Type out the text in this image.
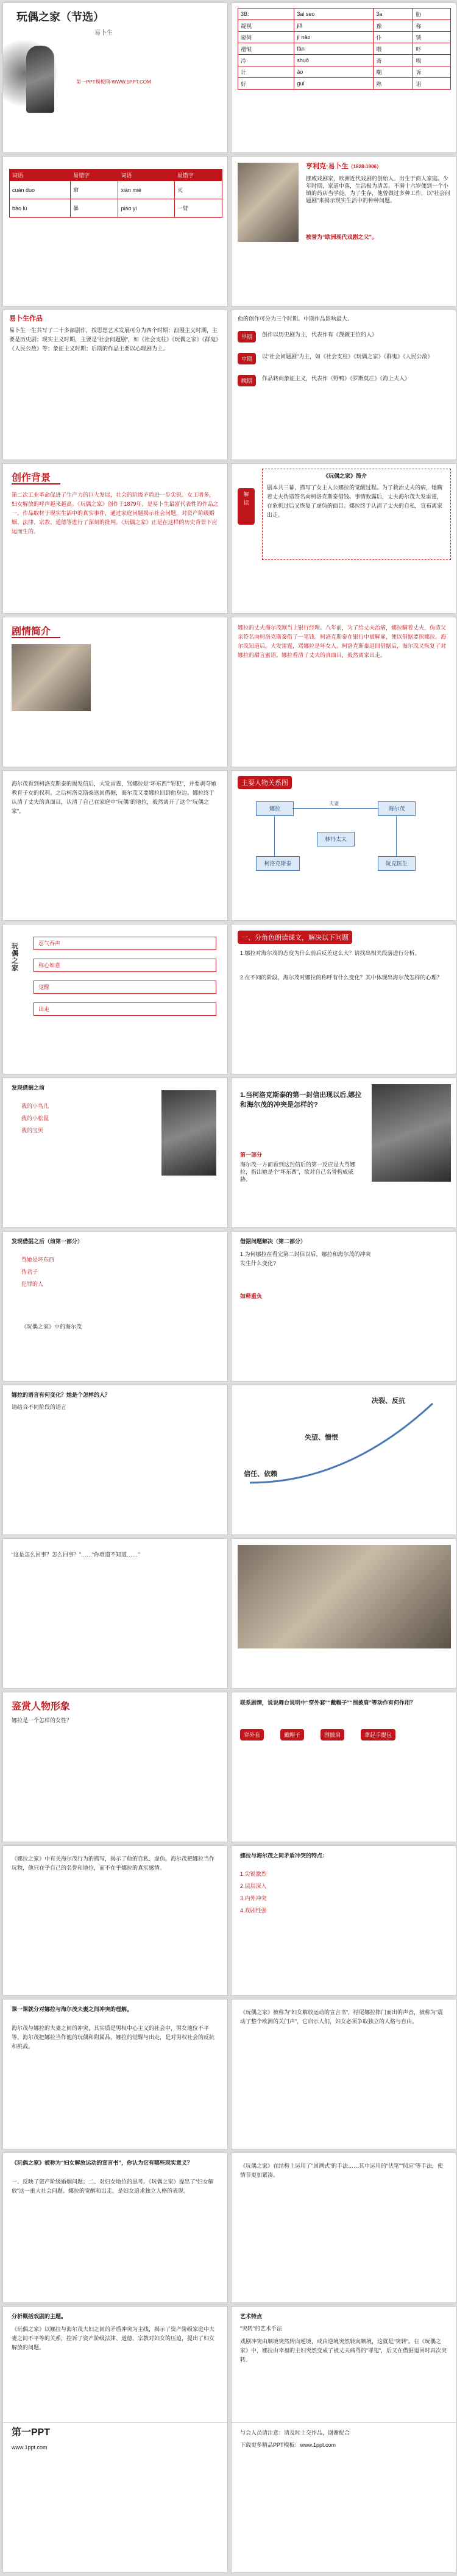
玩偶之家（节选）
易卜生
第一PPT模板网-WWW.1PPT.COM
3B:	3ai seo	3a	胁
凝视	jiā	豫	称
窥伺	jī nǎo	仆	锁
褶皱	fàn	喂	吓
冷	shuǒ	斋	嗅
计	ǎo	嘲	诉
好	guǐ	熟	诅
词语	易错字	词语	易错字
cuān duo	窜	xiàn miè	灭
bào lù	暴	piáo yì	一臂
亨利克·易卜生（1828-1906）
挪威戏剧家，欧洲近代戏剧的创始人。出生于商人家庭。少年时期，家道中落，生活极为清苦。不满十六岁便到一个小镇的药店当学徒。为了生存，他曾做过多种工作，以“社会问题剧”来揭示现实生活中的种种问题。
被誉为“欧洲现代戏剧之父”。
易卜生作品
易卜生一生共写了二十多部剧作，按思想艺术发展可分为四个时期：浪漫主义时期，主要是历史剧；现实主义时期，主要是“社会问题剧”，如《社会支柱》《玩偶之家》《群鬼》《人民公敌》等；象征主义时期；后期的作品主要以心理剧为主。
他的创作可分为三个时期。中期作品影响最大。
早期	创作以历史剧为主，代表作有《觊觎王位的人》
中期	以“社会问题剧”为主，如《社会支柱》《玩偶之家》《群鬼》《人民公敌》
晚期	作品转向象征主义，代表作《野鸭》《罗斯莫庄》《海上夫人》
创作背景
第二次工业革命促进了生产力的巨大发展，社会的阶级矛盾进一步尖锐。女工增多，妇女解放的呼声越来越高。《玩偶之家》创作于1879年，是易卜生最富代表性的作品之一。作品取材于现实生活中的真实事件，通过家庭问题揭示社会问题，对资产阶级婚姻、法律、宗教、道德等进行了深刻的批判。《玩偶之家》正是在这样的历史背景下应运而生的。
解读
《玩偶之家》简介
剧本共三幕，描写了女主人公娜拉的觉醒过程。为了救治丈夫的病，她瞒着丈夫伪造签名向柯洛克斯泰借钱。事情败露后，丈夫海尔茂大发雷霆，在危机过后又恢复了虚伪的面目。娜拉终于认清了丈夫的自私，宣布离家出走。
剧情简介	娜拉的丈夫海尔茂刚当上银行经理。八年前，为了给丈夫治病，娜拉瞒着丈夫，伪造父亲签名向柯洛克斯泰借了一笔钱。柯洛克斯泰在银行中被解雇，便以借据要挟娜拉。海尔茂知道后，大发雷霆，骂娜拉是坏女人。柯洛克斯泰退回借据后，海尔茂又恢复了对娜拉的甜言蜜语。娜拉看清了丈夫的真面目，毅然离家出走。
海尔茂看到柯洛克斯泰的揭发信后，大发雷霆，骂娜拉是“坏东西”“罪犯”，并要剥夺她教育子女的权利。之后柯洛克斯泰送回借据，海尔茂又要娜拉回到他身边。娜拉终于认清了丈夫的真面目，认清了自己在家庭中“玩偶”的地位，毅然离开了这个“玩偶之家”。
主要人物关系图
娜拉	海尔茂
林丹太太
柯洛克斯泰	阮克医生
夫妻
玩偶之家
忍气吞声
称心如意
觉醒
出走
一、分角色朗读课文，解决以下问题
1.娜拉对海尔茂的态度为什么前后反差这么大？请找出相关段落进行分析。
2.在不同的阶段，海尔茂对娜拉的称呼有什么变化？其中体现出海尔茂怎样的心理？
发现借据之前
我的小鸟儿
我的小松鼠
我的宝贝
1.当柯洛克斯泰的第一封信出现以后,娜拉和海尔茂的冲突是怎样的?
第一部分
海尔茂一方面看到这封信后的第一反应是大骂娜拉，指出她是个“坏东西”，欲对自己名誉构成威胁。
发现借据之后（前第一部分）
骂她是坏东西
伪君子
犯罪的人
《玩偶之家》中的海尔茂
借据问题解决（第二部分）
1.为何娜拉在看完第二封信以后，娜拉和海尔茂的冲突发生什么变化?
如释重负
娜拉的语言有何变化？她是个怎样的人？
请结合不同阶段的语言
信任、依赖
失望、憎恨
决裂、反抗
“这是怎么回事？怎么回事？”……“你难道不知道……”
鉴赏人物形象
娜拉是一个怎样的女性？
联系剧情，说说舞台说明中“穿外套”“戴帽子”“围披肩”等动作有何作用？
穿外套	戴帽子	围披肩	拿起手提包
《娜拉之家》中有关海尔茂行为的描写，揭示了他的自私、虚伪。海尔茂把娜拉当作玩物，他只在乎自己的名誉和地位，而不在乎娜拉的真实感情。
娜拉与海尔茂之间矛盾冲突的特点：
1.尖锐激烈
2.层层深入
3.内外冲突
4.戏剧性强
课一课就分对娜拉与海尔茂夫妻之间冲突的理解。
海尔茂与娜拉的夫妻之间的冲突，其实质是男权中心主义的社会中，男女地位不平等。海尔茂把娜拉当作他的玩偶和附属品，娜拉的觉醒与出走，是对男权社会的反抗和挑战。
《玩偶之家》被称为“妇女解放运动的宣言书”，结尾娜拉摔门而出的声音，被称为“震动了整个欧洲的关门声”，它启示人们，妇女必须争取独立的人格与自由。
《玩偶之家》被称为“妇女解放运动的宣言书”，你认为它有哪些现实意义？
一、反映了资产阶级婚姻问题；二、对妇女地位的思考。《玩偶之家》提出了“妇女解放”这一重大社会问题。娜拉的觉醒和出走，是妇女追求独立人格的表现。
《玩偶之家》在结构上运用了“回溯式”的手法……其中运用的“伏笔”“照应”等手法，使情节更加紧凑。
分析概括戏剧的主题。
《玩偶之家》以娜拉与海尔茂夫妇之间的矛盾冲突为主线，揭示了资产阶级家庭中夫妻之间不平等的关系，控诉了资产阶级法律、道德、宗教对妇女的压迫，提出了妇女解放的问题。
艺术特点
“突转”的艺术手法
戏剧冲突由顺境突然转向逆境，或由逆境突然转向顺境，这就是“突转”。在《玩偶之家》中，娜拉由幸福的主妇突然变成了被丈夫痛骂的“罪犯”，后又在借据退回时再次突转。
第一PPT
www.1ppt.com
与会人员请注意：请及时上交作品，谢谢配合
下载更多精品PPT模板：www.1ppt.com
